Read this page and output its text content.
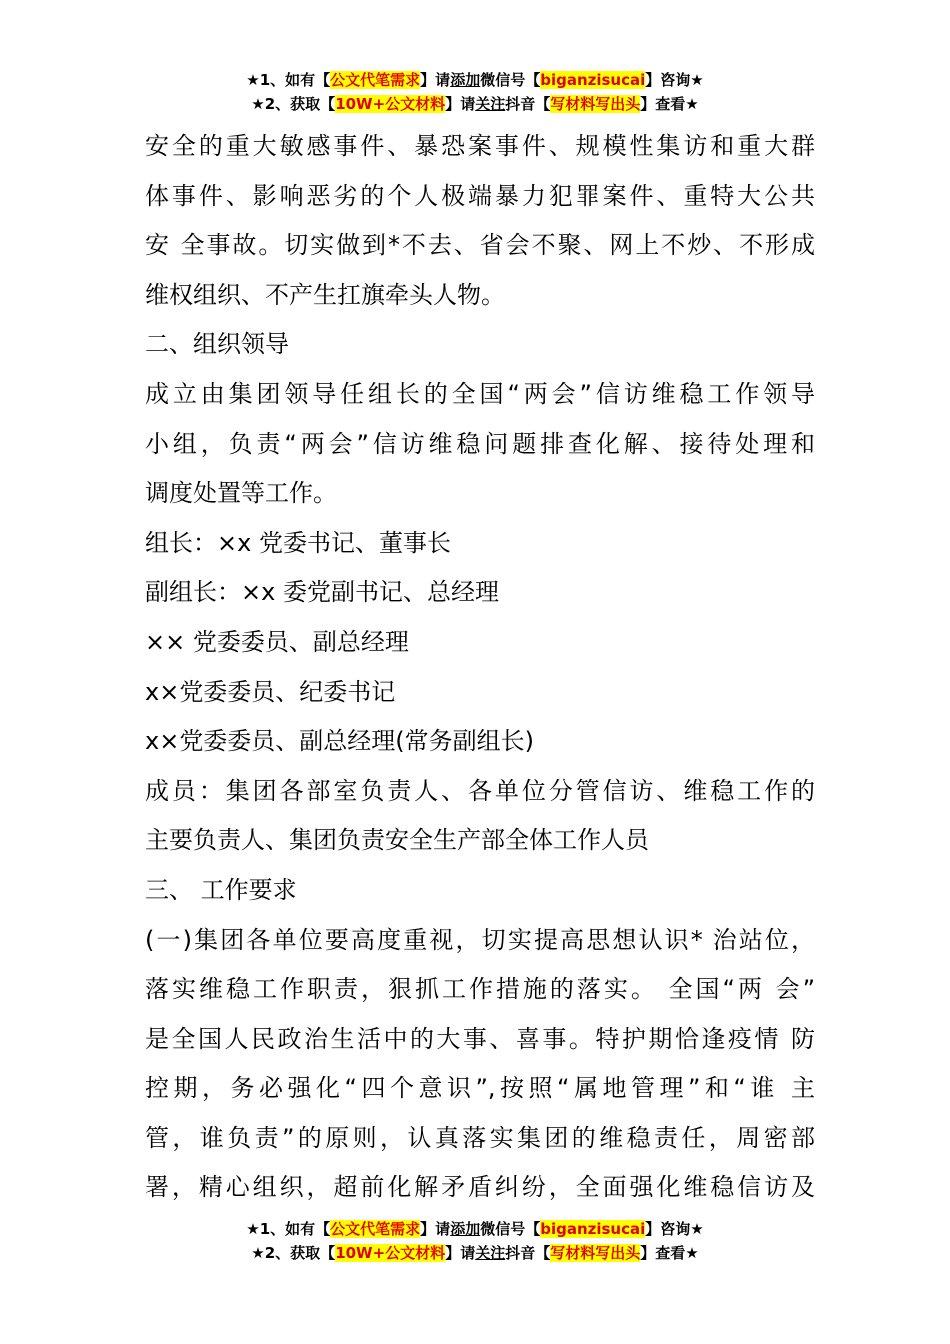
★1、如有【公文代笔需求】请添加微信号【biganzisucai】咨询★
★2、获取【10W+公文材料】请关注抖音【写材料写出头】查看★

安全的重大敏感事件、暴恐案事件、规模性集访和重大群

体事件、影响恶劣的个人极端暴力犯罪案件、重特大公共

安 全事故。切实做到*不去、省会不聚、网上不炒、不形成

维权组织、不产生扛旗牵头人物。

二、组织领导

成立由集团领导任组长的全国“两会”信访维稳工作领导

小组，负责“两会”信访维稳问题排查化解、接待处理和

调度处置等工作。

组长：×x 党委书记、董事长

副组长：×x 委党副书记、总经理

×× 党委委员、副总经理

x×党委委员、纪委书记

x×党委委员、副总经理(常务副组长)

成员：集团各部室负责人、各单位分管信访、维稳工作的

主要负责人、集团负责安全生产部全体工作人员

三、 工作要求

(一)集团各单位要高度重视，切实提高思想认识* 治站位，

落实维稳工作职责，狠抓工作措施的落实。 全国“两 会”

是全国人民政治生活中的大事、喜事。特护期恰逢疫情 防

控期，务必强化“四个意识”,按照“属地管理”和“谁 主

管，谁负责”的原则，认真落实集团的维稳责任，周密部

署，精心组织，超前化解矛盾纠纷，全面强化维稳信访及

★1、如有【公文代笔需求】请添加微信号【biganzisucai】咨询★
★2、获取【10W+公文材料】请关注抖音【写材料写出头】查看★
